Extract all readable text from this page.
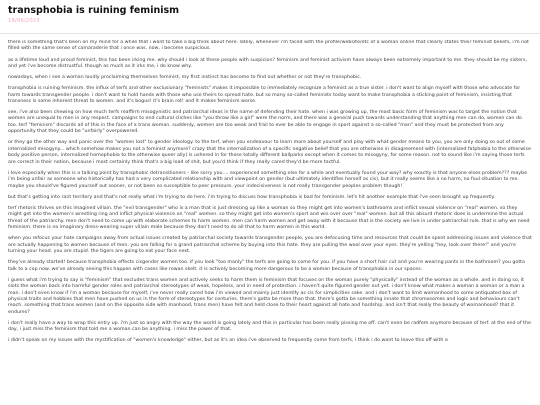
transphobia is ruining feminism
19/06/2023

there is something that's been on my mind for a while that i want to take a big think about here. lately, whenever i'm faced with the profile/website/etc of a woman online that clearly states their feminist beliefs, i'm not filled with the same sense of camaraderie that i once was. now, i become suspicious.

as a lifetime loud and proud feminist, this has been irking me. why should i look at these people with suspicion? feminism and feminist activism have always been extremely important to me. they should be my sisters, and yet i've become distrustful. though as much as it irks me, i do know why.

nowadays, when i see a woman loudly proclaiming themselves feminist, my first instinct has become to find out whether or not they're transphobic.

transphobia is ruining feminism. the influx of terfs and other exclusionary "feminists" makes it impossible to immediately recognize a feminist as a true sister. i don't want to align myself with those who advocate for harm towards transgender people. i don't want to hold hands with those who use theirs to spread hate. but so many so-called feminists today want to make transphobia a sticking point of feminism, insisting that transness is some inherent threat to women. and it's bogus! it's brain rot! and it makes feminism worse.

see, i've also been chewing on how much terfs reaffirm misogynistic and patriarchal ideas in the name of defending their hate. when i was growing up, the most basic form of feminism was to target the notion that women are unequal to men in any respect. campaigns to end cultural cliches like "you throw like a girl" were the norm, and there was a general push towards understanding that anything men can do, women can do too. terf "feminism" discards all of this in the face of a trans woman. suddenly, women are too weak and frail to ever be able to engage in sport against a so-called "man" and they must be protected from any opportunity that they could be "unfairly" overpowered.

or they go the other way and panic over the "women lost" to gender ideology. to the terf, when you endeavour to learn more about yourself and play with what gender means to you, you are only doing so out of some internalized misogyny... which somehow makes you not a feminist anymore? crazy that the internalization of a specific negative belief that you are otherwise in disagreement with (internalized fatphobia to the otherwise body positive person, internalized homophobia to the otherwise queer ally) is ushered in for these totally different ballparks except when it comes to misogyny, for some reason. not to sound like i'm saying those terfs are correct in their notion, because i most certainly think that's a big load of shit, but you'd think if they really cared they'd be more tactful.

i love especially when this is a talking point by transphobic detransitioners - like sorry you.... experienced something else for a while and eventually found your way? why exactly is that anyone elses problem??? maybe i'm being unfair as someone who historically has had a very complicated relationship with and viewpoint on gender (but ultimately identifies herself as cis), but it really seems like a no harm, no foul situation to me. maybe you should've figured yourself out sooner, or not been so susceptible to peer pressure. your indecisiveness is not really transgender peoples problem though!

but that's getting into rant territory and that's not really what i'm trying to do here. i'm trying to discuss how transphobia is bad for feminism. let's hit another example that i've seen brought up frequently.

terf rhetoric thrives on this imagined villain. the "evil transgender" who is a man that is just dressing up like a woman so they might get into women's bathrooms and inflict sexual violence on "real" women. so they might get into the women's wrestling ring and inflict physical violence on "real" women. so they might get into women's sport and win over over "real" women. but all this absurd rhetoric does is undermine the actual threat of the patriarchy. men don't need to come up with elaborate schemes to harm women. men can harm women and get away with it because that is the society we live in under patriarchal rule. that is why we need feminism. there is no imaginary dress-wearing super villain male because they don't need to do all that to harm women in this world.

when you refocus your hate campaigns away from actual issues created by patriarchal society towards transgender people, you are defocusing time and resources that could be spent addressing issues and violence that are actually happening to women because of men. you are falling for a grand patriarchal scheme by buying into this hate. they are pulling the wool over your eyes. they're yelling "hey, look over there!" and you're turning your head. you are stupid. the tigers are going to eat your face next.

they've already started! because transphobia effects cisgender women too. if you look "too manly" the terfs are going to come for you. if you have a short hair cut and you're wearing pants in the bathroom? you gotta talk to a cop now. we've already seeing this happen with cases like rowan skelt. it is actively becoming more dangerous to be a woman because of transphobia in our spaces.

i guess what i'm trying to say is "feminism" that excludes trans women and actively seeks to harm them is feminism that focuses on the woman purely "physically" instead of the woman as a whole. and in doing so, it slots the woman back into harmful gender roles and patriarchal stereotypes of weak, hopeless, and in need of protection. i haven't quite figured gender out yet. i don't know what makes a woman a woman or a man a man. i don't even know if i'm a woman because for myself, i've never really cared how i'm viewed and mainly just identify as cis for simplicities sake. and i don't want to limit womanhood to some antiquated box of physical traits and hobbies that men have pushed on us in the form of stereotypes for centuries. there's gotta be more than that. there's gotta be something innate that chromosomes and logic and behaviours can't reach. something that trans women (and on the opposite side with manhood, trans men) have felt and held close to their heart against all hate and hardship. and isn't that really the beauty of womanhood? that it endures?

i don't really have a way to wrap this entry up. i'm just so angry with the way the world is going lately and this in particular has been really pissing me off. can't even be radfem anymore because of terf. at the end of the day, i just miss the feminism that told me a woman can be anything. i miss the power of that.

i didn't speak on my issues with the mystification of "women's knowledge" either, but as it's an idea i've observed to frequently come from terfs, i think i do want to leave this off with a
